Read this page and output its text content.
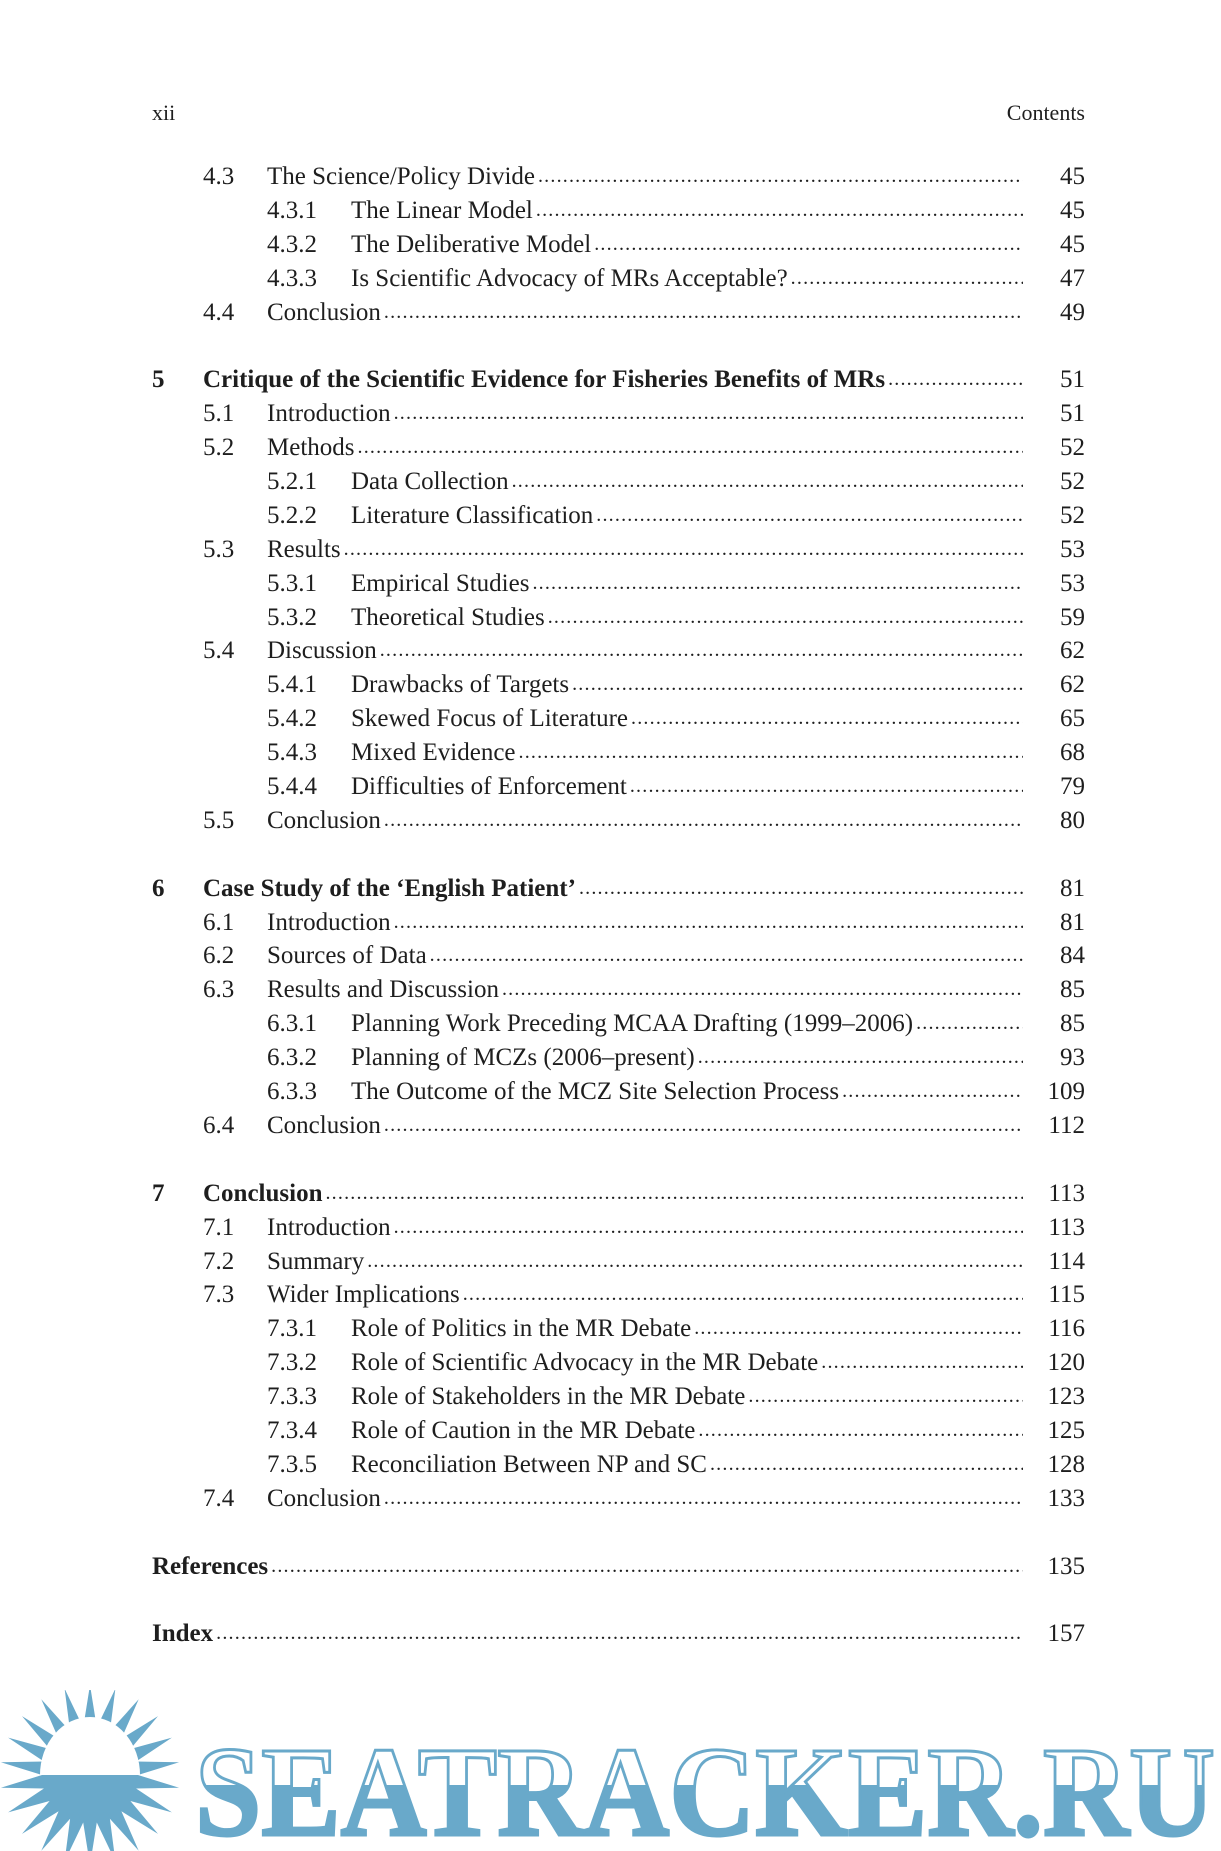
xii	Contents
4.3 The Science/Policy Divide .....	45
4.3.1 The Linear Model .....	45
4.3.2 The Deliberative Model .....	45
4.3.3 Is Scientific Advocacy of MRs Acceptable? .....	47
4.4 Conclusion .....	49
5 Critique of the Scientific Evidence for Fisheries Benefits of MRs .....	51
5.1 Introduction .....	51
5.2 Methods .....	52
5.2.1 Data Collection .....	52
5.2.2 Literature Classification .....	52
5.3 Results .....	53
5.3.1 Empirical Studies .....	53
5.3.2 Theoretical Studies .....	59
5.4 Discussion .....	62
5.4.1 Drawbacks of Targets .....	62
5.4.2 Skewed Focus of Literature .....	65
5.4.3 Mixed Evidence .....	68
5.4.4 Difficulties of Enforcement .....	79
5.5 Conclusion .....	80
6 Case Study of the ‘English Patient’ .....	81
6.1 Introduction .....	81
6.2 Sources of Data .....	84
6.3 Results and Discussion .....	85
6.3.1 Planning Work Preceding MCAA Drafting (1999–2006) .....	85
6.3.2 Planning of MCZs (2006–present) .....	93
6.3.3 The Outcome of the MCZ Site Selection Process .....	109
6.4 Conclusion .....	112
7 Conclusion .....	113
7.1 Introduction .....	113
7.2 Summary .....	114
7.3 Wider Implications .....	115
7.3.1 Role of Politics in the MR Debate .....	116
7.3.2 Role of Scientific Advocacy in the MR Debate .....	120
7.3.3 Role of Stakeholders in the MR Debate .....	123
7.3.4 Role of Caution in the MR Debate .....	125
7.3.5 Reconciliation Between NP and SC .....	128
7.4 Conclusion .....	133
References .....	135
Index .....	157
SEATRACKER.RU
